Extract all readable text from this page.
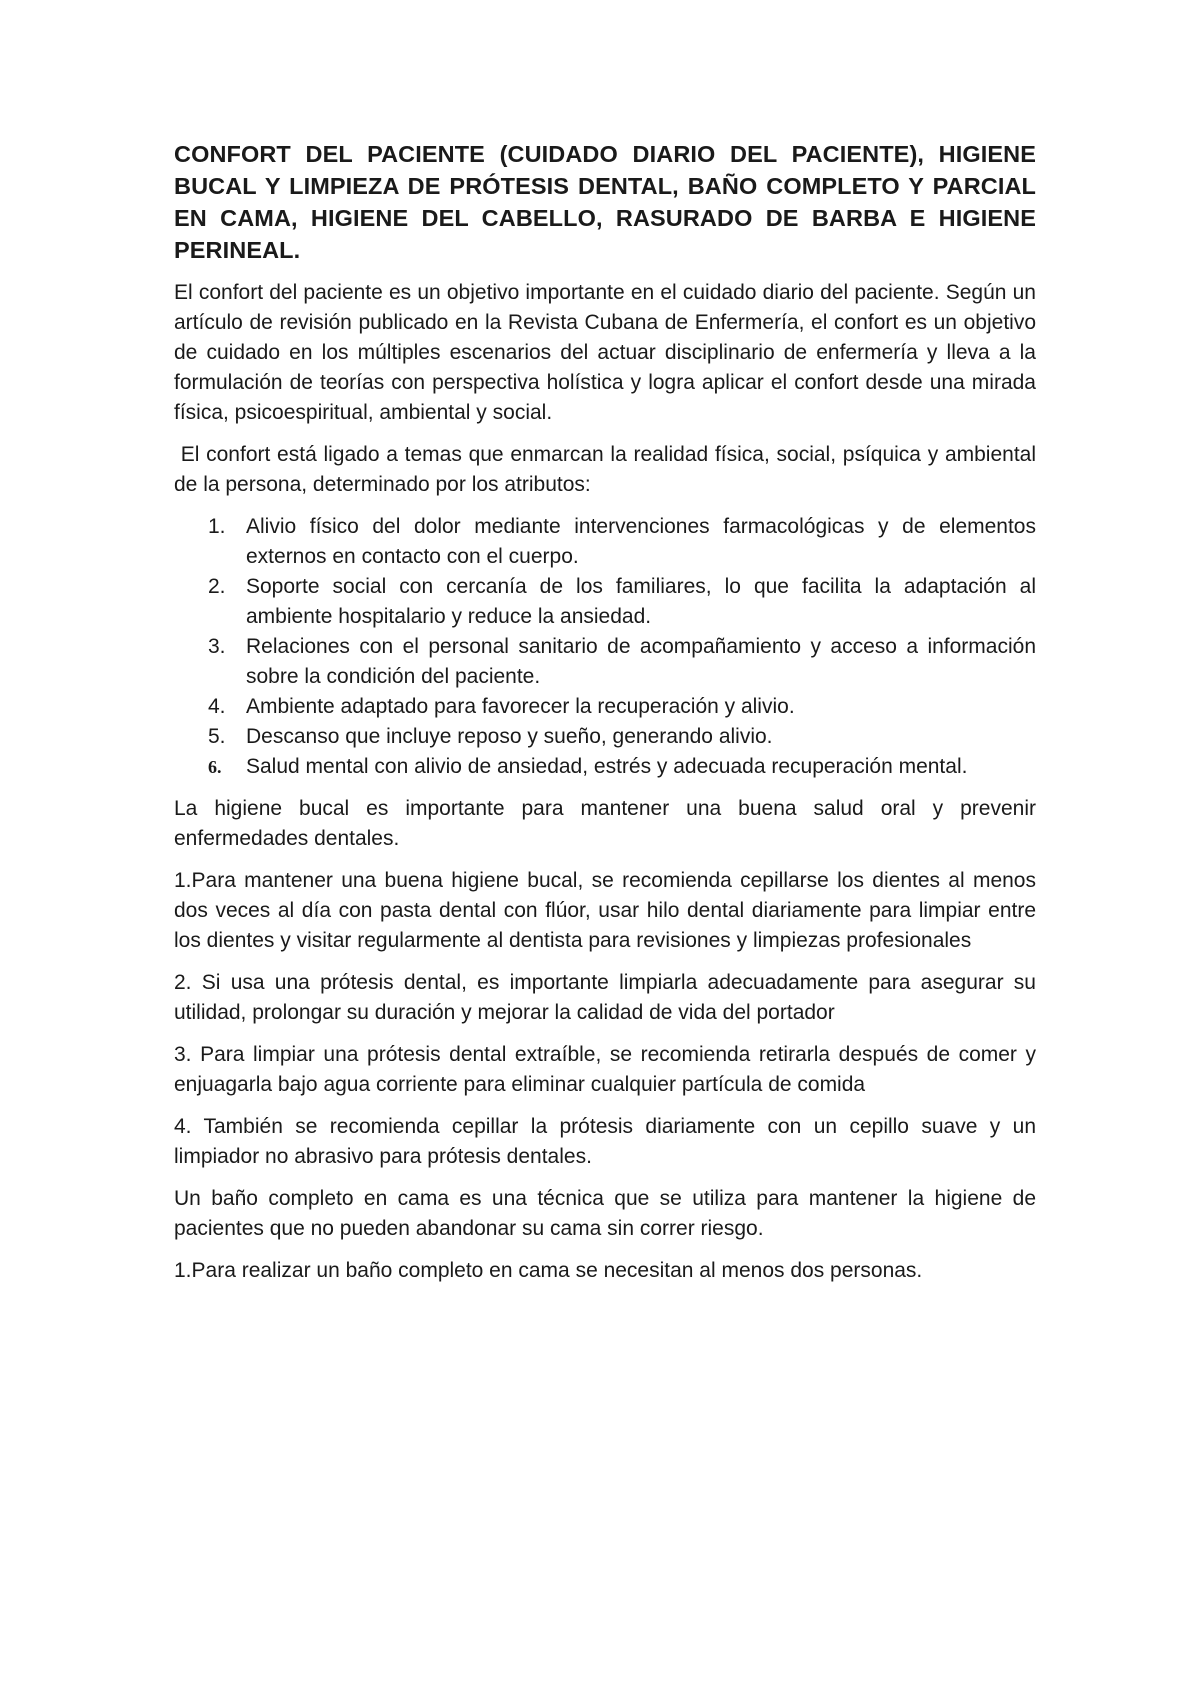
CONFORT DEL PACIENTE (CUIDADO DIARIO DEL PACIENTE), HIGIENE BUCAL Y LIMPIEZA DE PRÓTESIS DENTAL, BAÑO COMPLETO Y PARCIAL EN CAMA, HIGIENE DEL CABELLO, RASURADO DE BARBA E HIGIENE PERINEAL.

El confort del paciente es un objetivo importante en el cuidado diario del paciente. Según un artículo de revisión publicado en la Revista Cubana de Enfermería, el confort es un objetivo de cuidado en los múltiples escenarios del actuar disciplinario de enfermería y lleva a la formulación de teorías con perspectiva holística y logra aplicar el confort desde una mirada física, psicoespiritual, ambiental y social.

El confort está ligado a temas que enmarcan la realidad física, social, psíquica y ambiental de la persona, determinado por los atributos:

1. Alivio físico del dolor mediante intervenciones farmacológicas y de elementos externos en contacto con el cuerpo.
2. Soporte social con cercanía de los familiares, lo que facilita la adaptación al ambiente hospitalario y reduce la ansiedad.
3. Relaciones con el personal sanitario de acompañamiento y acceso a información sobre la condición del paciente.
4. Ambiente adaptado para favorecer la recuperación y alivio.
5. Descanso que incluye reposo y sueño, generando alivio.
6. Salud mental con alivio de ansiedad, estrés y adecuada recuperación mental.

La higiene bucal es importante para mantener una buena salud oral y prevenir enfermedades dentales.

1.Para mantener una buena higiene bucal, se recomienda cepillarse los dientes al menos dos veces al día con pasta dental con flúor, usar hilo dental diariamente para limpiar entre los dientes y visitar regularmente al dentista para revisiones y limpiezas profesionales

2. Si usa una prótesis dental, es importante limpiarla adecuadamente para asegurar su utilidad, prolongar su duración y mejorar la calidad de vida del portador

3. Para limpiar una prótesis dental extraíble, se recomienda retirarla después de comer y enjuagarla bajo agua corriente para eliminar cualquier partícula de comida

4. También se recomienda cepillar la prótesis diariamente con un cepillo suave y un limpiador no abrasivo para prótesis dentales.

Un baño completo en cama es una técnica que se utiliza para mantener la higiene de pacientes que no pueden abandonar su cama sin correr riesgo.

1.Para realizar un baño completo en cama se necesitan al menos dos personas.
